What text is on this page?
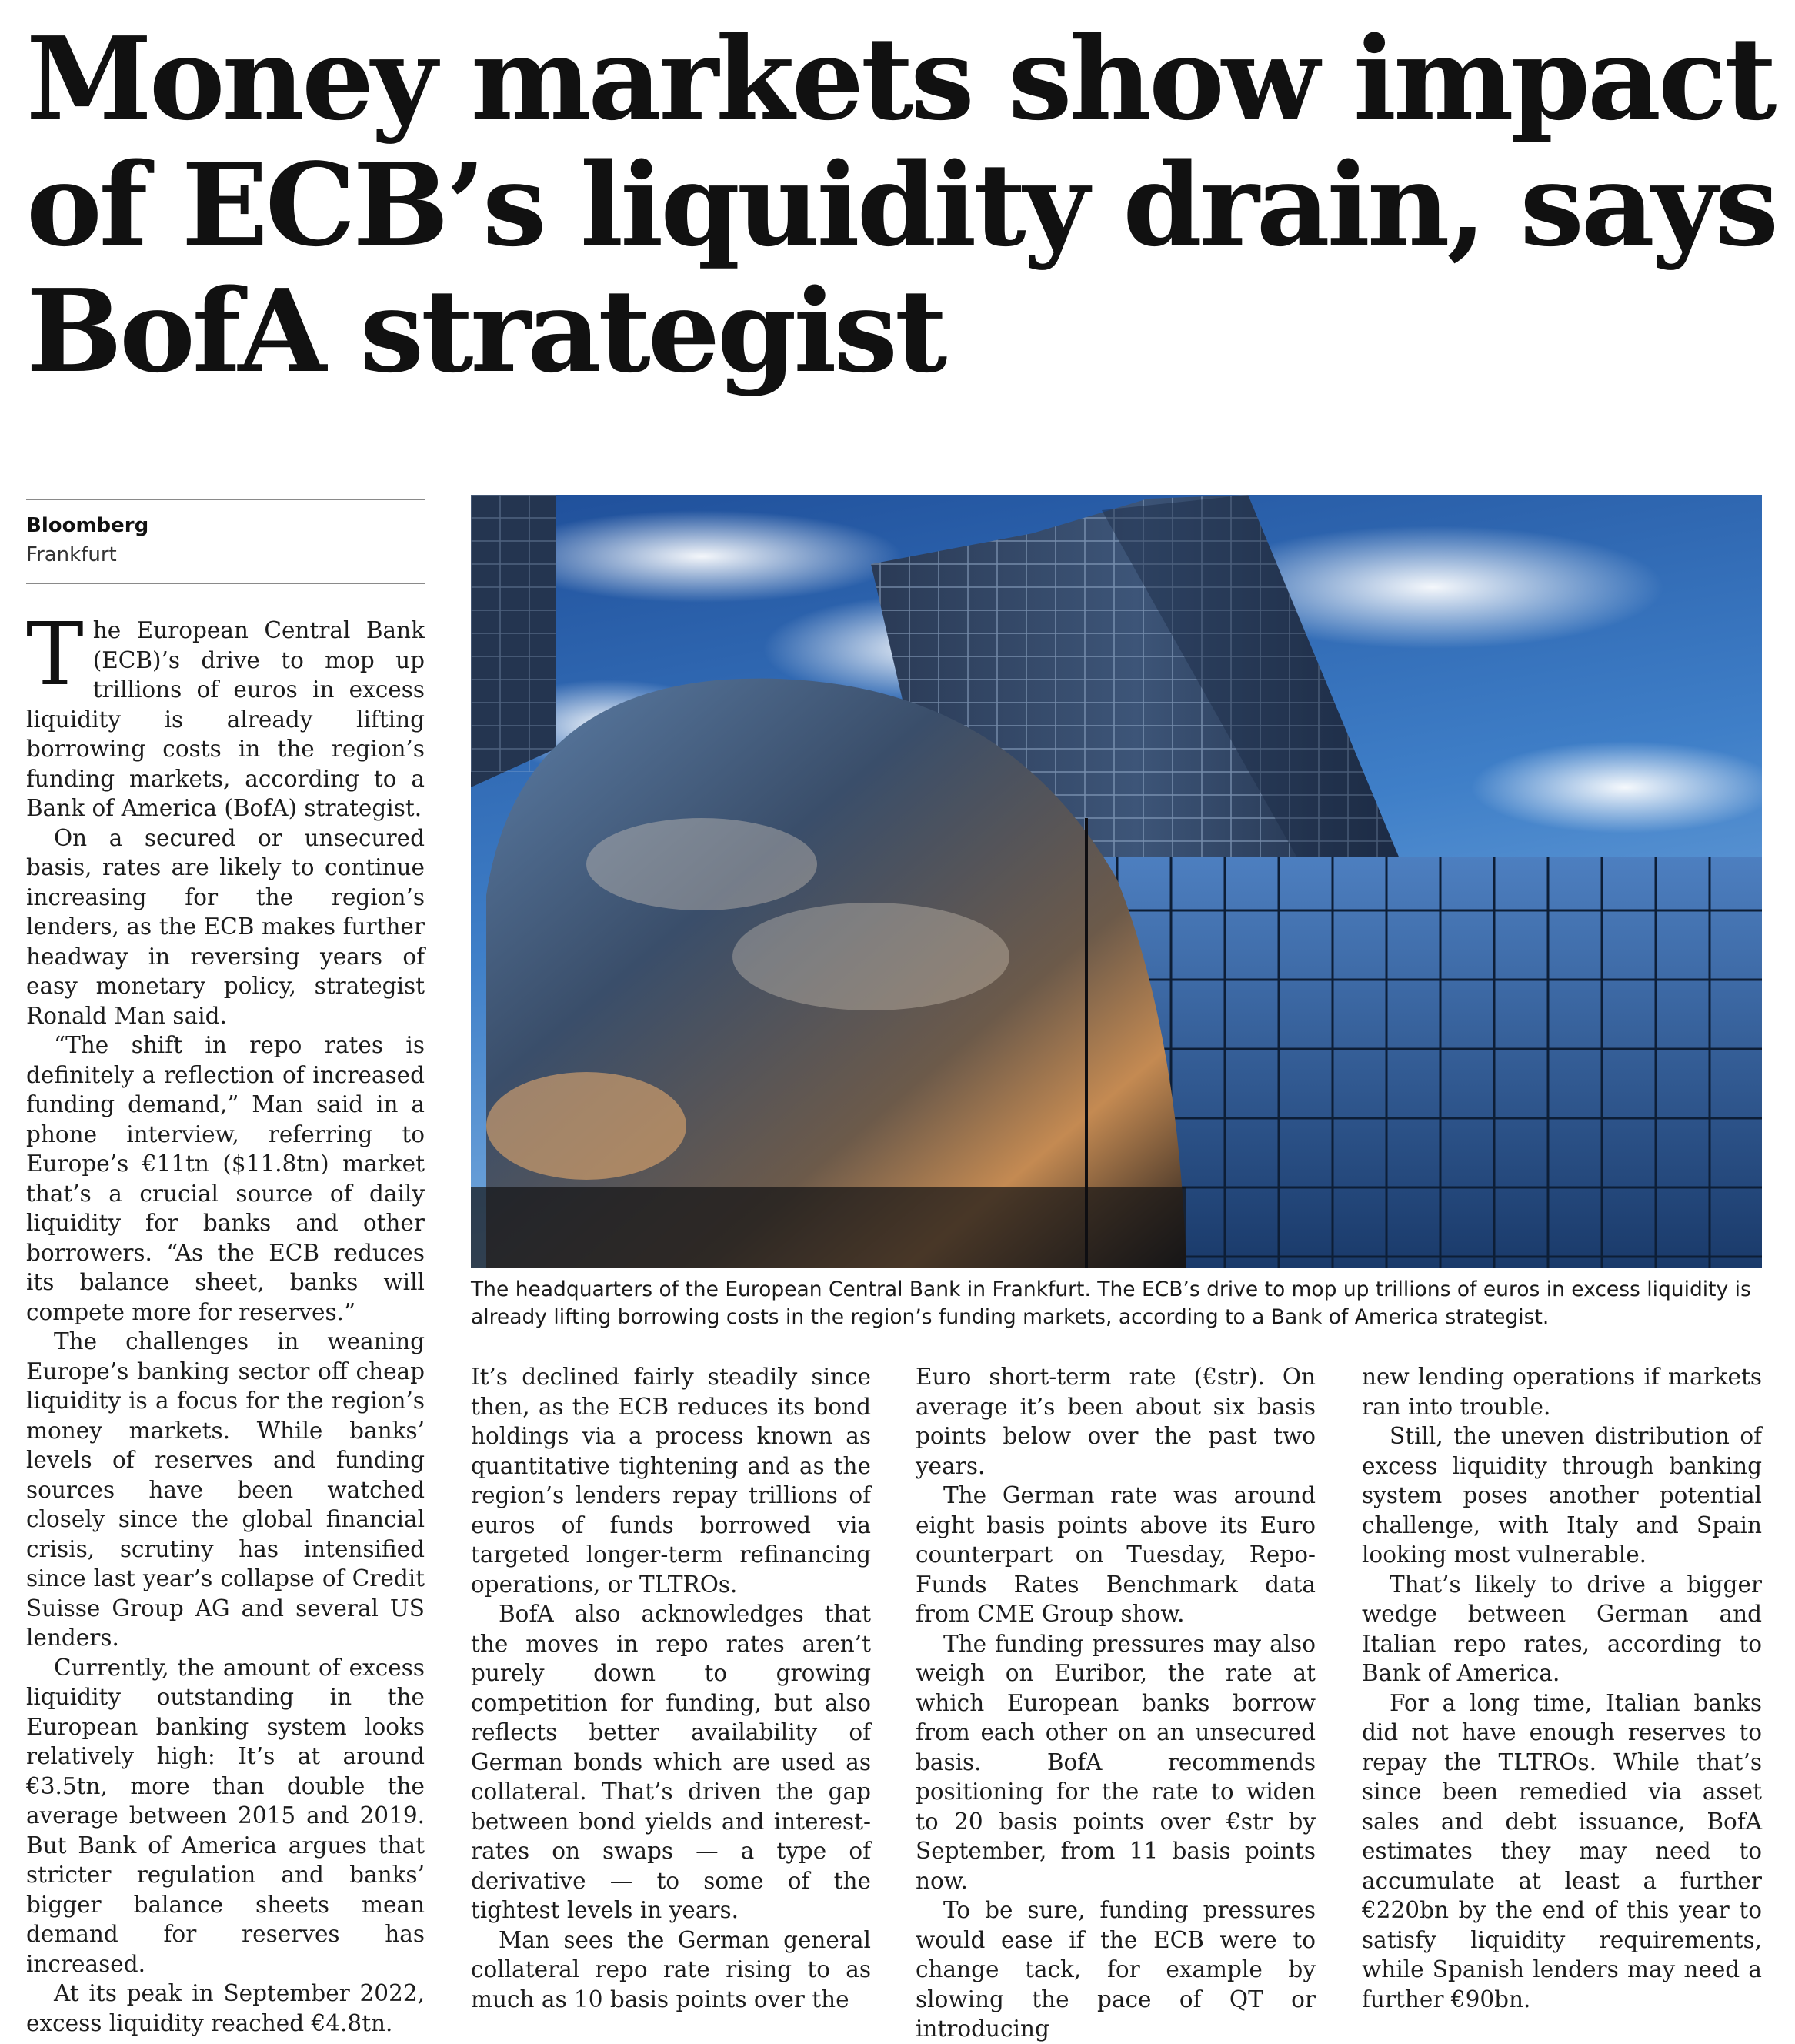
Money markets show impact of ECB’s liquidity drain, says BofA strategist
Bloomberg
Frankfurt

The European Central Bank (ECB)’s drive to mop up trillions of euros in excess liquidity is already lifting borrowing costs in the region’s funding markets, according to a Bank of America (BofA) strategist.

On a secured or unsecured basis, rates are likely to continue increasing for the region’s lenders, as the ECB makes further headway in reversing years of easy monetary policy, strategist Ronald Man said.

“The shift in repo rates is definitely a reflection of increased funding demand,” Man said in a phone interview, referring to Europe’s €11tn ($11.8tn) market that’s a crucial source of daily liquidity for banks and other borrowers. “As the ECB reduces its balance sheet, banks will compete more for reserves.”

The challenges in weaning Europe’s banking sector off cheap liquidity is a focus for the region’s money markets. While banks’ levels of reserves and funding sources have been watched closely since the global financial crisis, scrutiny has intensified since last year’s collapse of Credit Suisse Group AG and several US lenders.

Currently, the amount of excess liquidity outstanding in the European banking system looks relatively high: It’s at around €3.5tn, more than double the average between 2015 and 2019. But Bank of America argues that stricter regulation and banks’ bigger balance sheets mean demand for reserves has increased.

At its peak in September 2022, excess liquidity reached €4.8tn.

The headquarters of the European Central Bank in Frankfurt. The ECB’s drive to mop up trillions of euros in excess liquidity is already lifting borrowing costs in the region’s funding markets, according to a Bank of America strategist.

It’s declined fairly steadily since then, as the ECB reduces its bond holdings via a process known as quantitative tightening and as the region’s lenders repay trillions of euros of funds borrowed via targeted longer-term refinancing operations, or TLTROs.

BofA also acknowledges that the moves in repo rates aren’t purely down to growing competition for funding, but also reflects better availability of German bonds which are used as collateral. That’s driven the gap between bond yields and interest-rates on swaps — a type of derivative — to some of the tightest levels in years.

Man sees the German general collateral repo rate rising to as much as 10 basis points over the

Euro short-term rate (€str). On average it’s been about six basis points below over the past two years.

The German rate was around eight basis points above its Euro counterpart on Tuesday, Repo-Funds Rates Benchmark data from CME Group show.

The funding pressures may also weigh on Euribor, the rate at which European banks borrow from each other on an unsecured basis. BofA recommends positioning for the rate to widen to 20 basis points over €str by September, from 11 basis points now.

To be sure, funding pressures would ease if the ECB were to change tack, for example by slowing the pace of QT or introducing

new lending operations if markets ran into trouble.

Still, the uneven distribution of excess liquidity through banking system poses another potential challenge, with Italy and Spain looking most vulnerable.

That’s likely to drive a bigger wedge between German and Italian repo rates, according to Bank of America.

For a long time, Italian banks did not have enough reserves to repay the TLTROs. While that’s since been remedied via asset sales and debt issuance, BofA estimates they may need to accumulate at least a further €220bn by the end of this year to satisfy liquidity requirements, while Spanish lenders may need a further €90bn.
